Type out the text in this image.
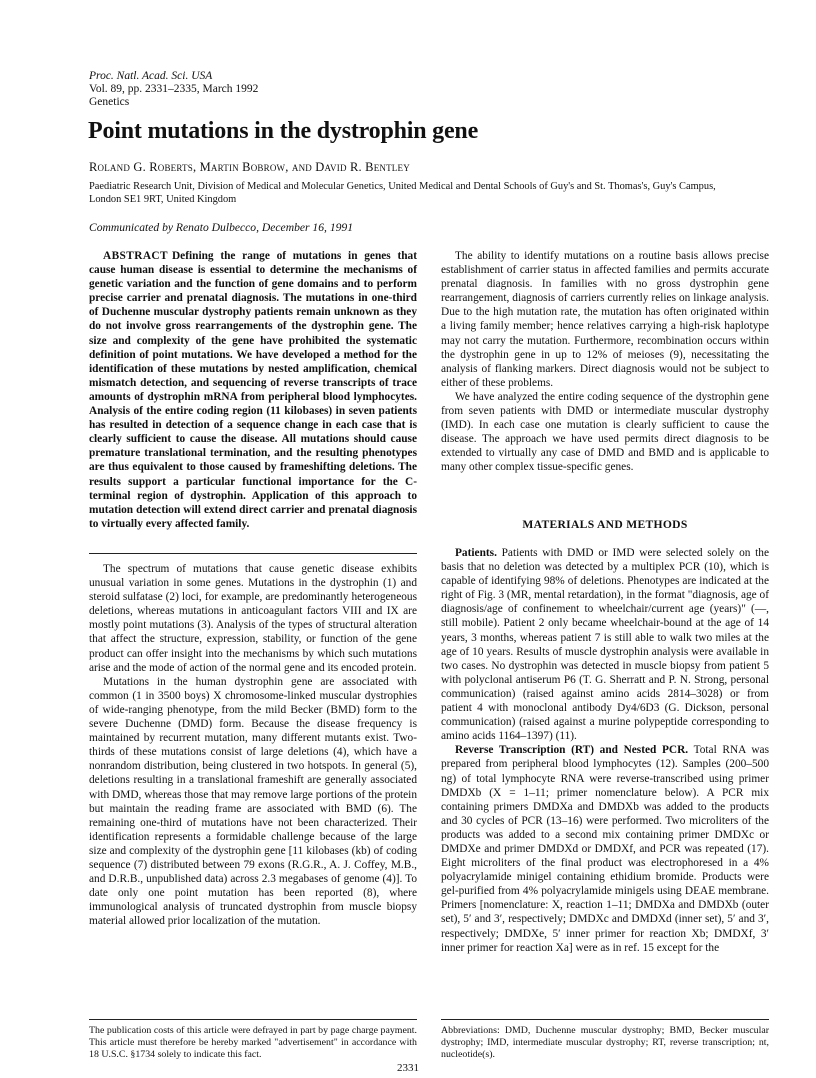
Proc. Natl. Acad. Sci. USA
Vol. 89, pp. 2331–2335, March 1992
Genetics
Point mutations in the dystrophin gene
Roland G. Roberts, Martin Bobrow, and David R. Bentley
Paediatric Research Unit, Division of Medical and Molecular Genetics, United Medical and Dental Schools of Guy's and St. Thomas's, Guy's Campus, London SE1 9RT, United Kingdom
Communicated by Renato Dulbecco, December 16, 1991

ABSTRACT Defining the range of mutations in genes that cause human disease is essential to determine the mechanisms of genetic variation and the function of gene domains and to perform precise carrier and prenatal diagnosis. The mutations in one-third of Duchenne muscular dystrophy patients remain unknown as they do not involve gross rearrangements of the dystrophin gene. The size and complexity of the gene have prohibited the systematic definition of point mutations. We have developed a method for the identification of these mutations by nested amplification, chemical mismatch detection, and sequencing of reverse transcripts of trace amounts of dystrophin mRNA from peripheral blood lymphocytes. Analysis of the entire coding region (11 kilobases) in seven patients has resulted in detection of a sequence change in each case that is clearly sufficient to cause the disease. All mutations should cause premature translational termination, and the resulting phenotypes are thus equivalent to those caused by frameshifting deletions. The results support a particular functional importance for the C-terminal region of dystrophin. Application of this approach to mutation detection will extend direct carrier and prenatal diagnosis to virtually every affected family.

The spectrum of mutations that cause genetic disease exhibits unusual variation in some genes. Mutations in the dystrophin (1) and steroid sulfatase (2) loci, for example, are predominantly heterogeneous deletions, whereas mutations in anticoagulant factors VIII and IX are mostly point mutations (3). Analysis of the types of structural alteration that affect the structure, expression, stability, or function of the gene product can offer insight into the mechanisms by which such mutations arise and the mode of action of the normal gene and its encoded protein.

Mutations in the human dystrophin gene are associated with common (1 in 3500 boys) X chromosome-linked muscular dystrophies of wide-ranging phenotype, from the mild Becker (BMD) form to the severe Duchenne (DMD) form. Because the disease frequency is maintained by recurrent mutation, many different mutants exist. Two-thirds of these mutations consist of large deletions (4), which have a nonrandom distribution, being clustered in two hotspots. In general (5), deletions resulting in a translational frameshift are generally associated with DMD, whereas those that may remove large portions of the protein but maintain the reading frame are associated with BMD (6). The remaining one-third of mutations have not been characterized. Their identification represents a formidable challenge because of the large size and complexity of the dystrophin gene [11 kilobases (kb) of coding sequence (7) distributed between 79 exons (R.G.R., A. J. Coffey, M.B., and D.R.B., unpublished data) across 2.3 megabases of genome (4)]. To date only one point mutation has been reported (8), where immunological analysis of truncated dystrophin from muscle biopsy material allowed prior localization of the mutation.

The ability to identify mutations on a routine basis allows precise establishment of carrier status in affected families and permits accurate prenatal diagnosis. In families with no gross dystrophin gene rearrangement, diagnosis of carriers currently relies on linkage analysis. Due to the high mutation rate, the mutation has often originated within a living family member; hence relatives carrying a high-risk haplotype may not carry the mutation. Furthermore, recombination occurs within the dystrophin gene in up to 12% of meioses (9), necessitating the analysis of flanking markers. Direct diagnosis would not be subject to either of these problems.

We have analyzed the entire coding sequence of the dystrophin gene from seven patients with DMD or intermediate muscular dystrophy (IMD). In each case one mutation is clearly sufficient to cause the disease. The approach we have used permits direct diagnosis to be extended to virtually any case of DMD and BMD and is applicable to many other complex tissue-specific genes.

MATERIALS AND METHODS

Patients. Patients with DMD or IMD were selected solely on the basis that no deletion was detected by a multiplex PCR (10), which is capable of identifying 98% of deletions. Phenotypes are indicated at the right of Fig. 3 (MR, mental retardation), in the format "diagnosis, age of diagnosis/age of confinement to wheelchair/current age (years)" (—, still mobile). Patient 2 only became wheelchair-bound at the age of 14 years, 3 months, whereas patient 7 is still able to walk two miles at the age of 10 years. Results of muscle dystrophin analysis were available in two cases. No dystrophin was detected in muscle biopsy from patient 5 with polyclonal antiserum P6 (T. G. Sherratt and P. N. Strong, personal communication) (raised against amino acids 2814–3028) or from patient 4 with monoclonal antibody Dy4/6D3 (G. Dickson, personal communication) (raised against a murine polypeptide corresponding to amino acids 1164–1397) (11).

Reverse Transcription (RT) and Nested PCR. Total RNA was prepared from peripheral blood lymphocytes (12). Samples (200–500 ng) of total lymphocyte RNA were reverse-transcribed using primer DMDXb (X = 1–11; primer nomenclature below). A PCR mix containing primers DMDXa and DMDXb was added to the products and 30 cycles of PCR (13–16) were performed. Two microliters of the products was added to a second mix containing primer DMDXc or DMDXe and primer DMDXd or DMDXf, and PCR was repeated (17). Eight microliters of the final product was electrophoresed in a 4% polyacrylamide minigel containing ethidium bromide. Products were gel-purified from 4% polyacrylamide minigels using DEAE membrane. Primers [nomenclature: X, reaction 1–11; DMDXa and DMDXb (outer set), 5′ and 3′, respectively; DMDXc and DMDXd (inner set), 5′ and 3′, respectively; DMDXe, 5′ inner primer for reaction Xb; DMDXf, 3′ inner primer for reaction Xa] were as in ref. 15 except for the

The publication costs of this article were defrayed in part by page charge payment. This article must therefore be hereby marked "advertisement" in accordance with 18 U.S.C. §1734 solely to indicate this fact.
Abbreviations: DMD, Duchenne muscular dystrophy; BMD, Becker muscular dystrophy; IMD, intermediate muscular dystrophy; RT, reverse transcription; nt, nucleotide(s).
2331
